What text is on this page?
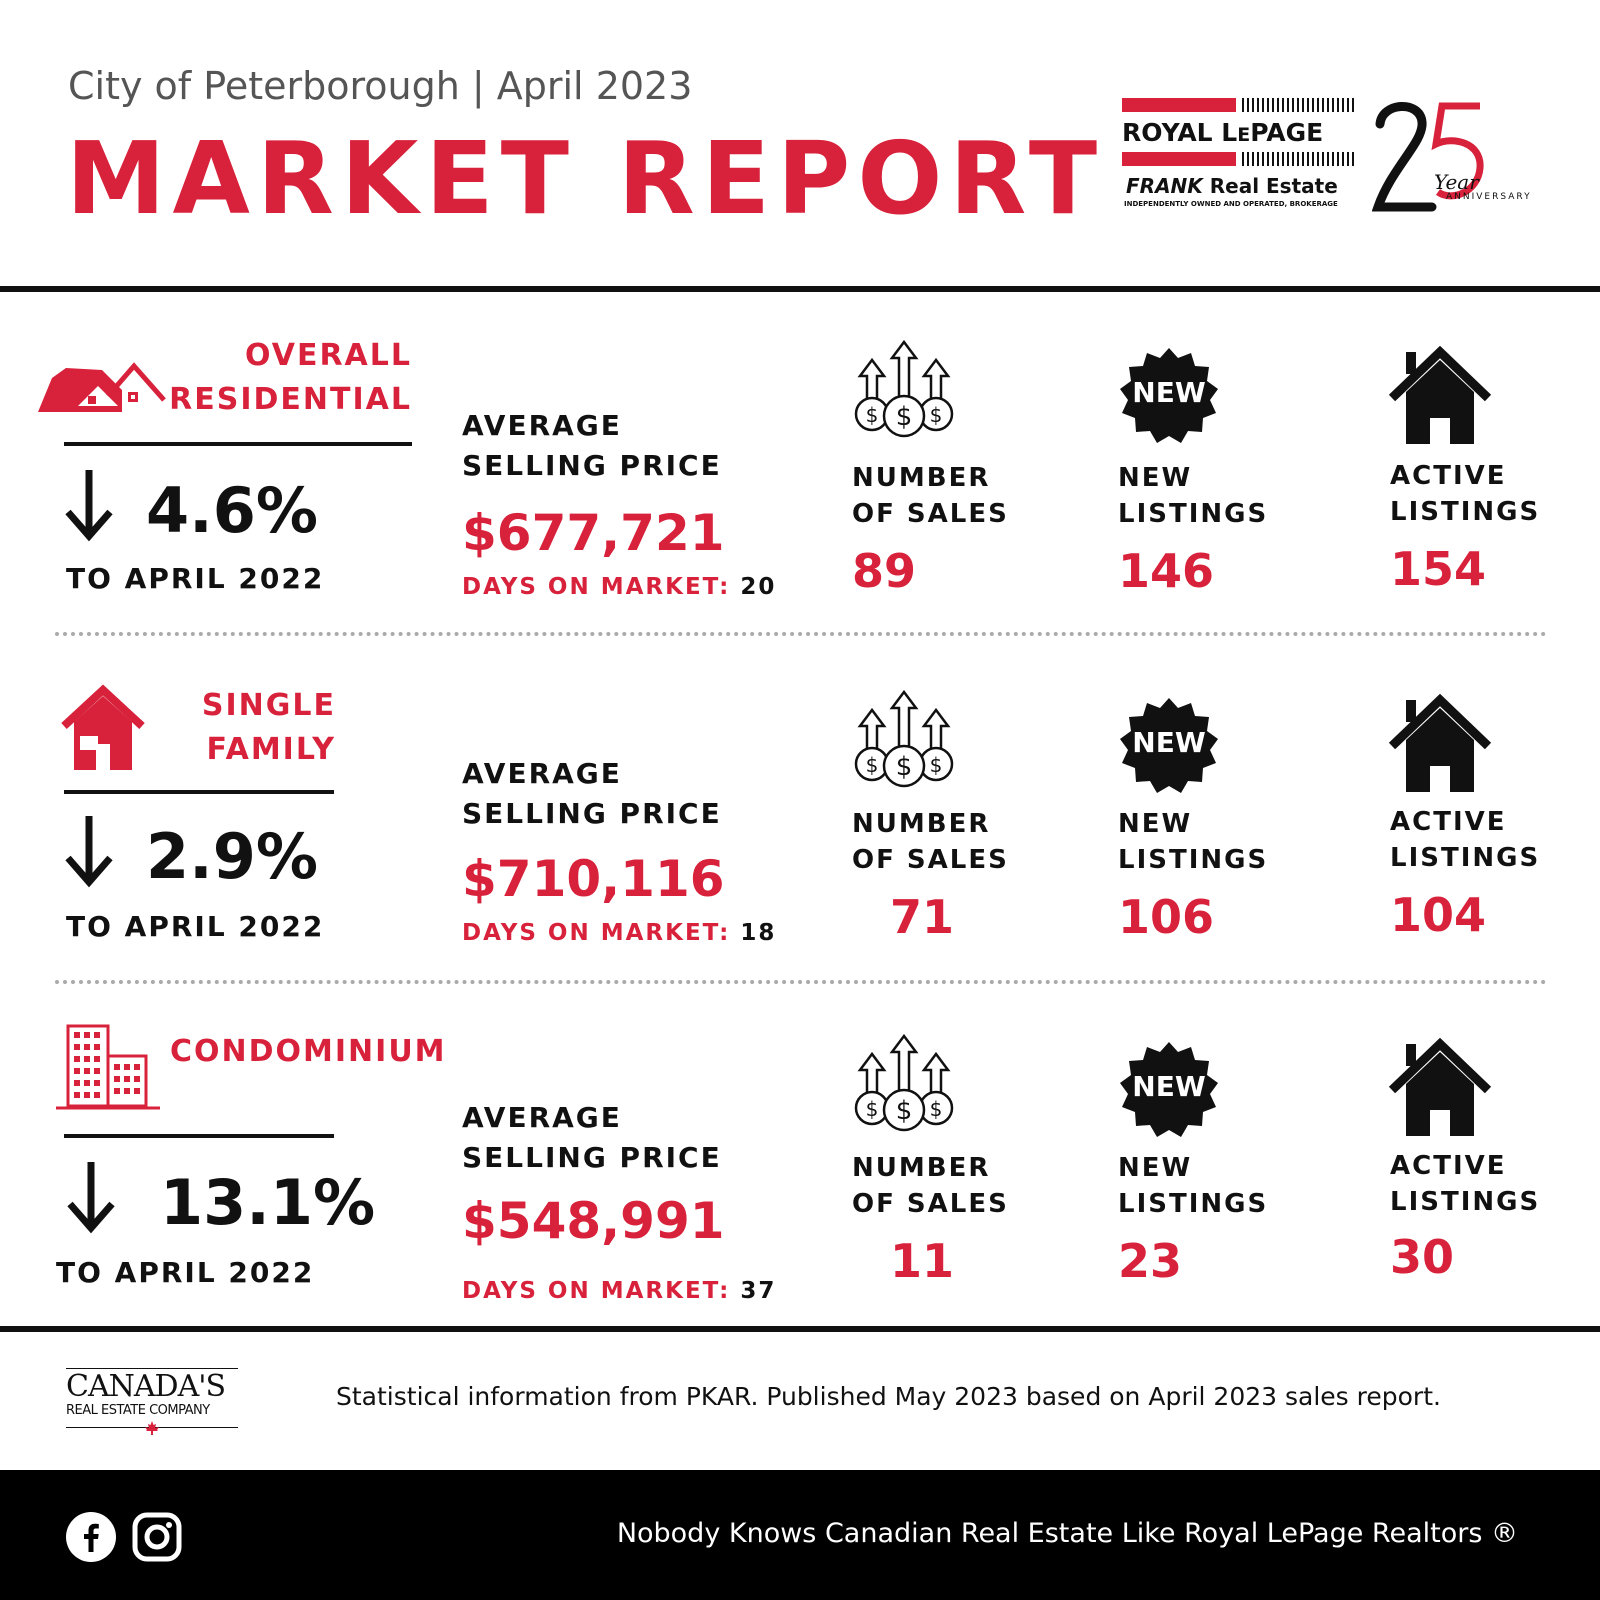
City of Peterborough | April 2023
MARKET REPORT ROYAL LEPAGE
FRANK Real Estate
INDEPENDENTLY OWNED AND OPERATED, BROKERAGE
Year
ANNIVERSARY
OVERALL
RESIDENTIAL
4.6%
TO APRIL 2022
AVERAGE
SELLING PRICE
$677,721
DAYS ON MARKET: 20
$ $ $
NUMBER
OF SALES
89
NEW
NEW
LISTINGS
146
ACTIVE
LISTINGS
154
SINGLE
FAMILY
2.9%
TO APRIL 2022
AVERAGE
SELLING PRICE
$710,116
DAYS ON MARKET: 18
$ $ $
NUMBER
OF SALES
71
NEW
NEW
LISTINGS
106
ACTIVE
LISTINGS
104
CONDOMINIUM
13.1%
TO APRIL 2022
AVERAGE
SELLING PRICE
$548,991
DAYS ON MARKET: 37
$ $ $
NUMBER
OF SALES
11
NEW
NEW
LISTINGS
23
ACTIVE
LISTINGS
30
CANADA'S
REAL ESTATE COMPANY	Statistical information from PKAR. Published May 2023 based on April 2023 sales report.
Nobody Knows Canadian Real Estate Like Royal LePage Realtors ®
